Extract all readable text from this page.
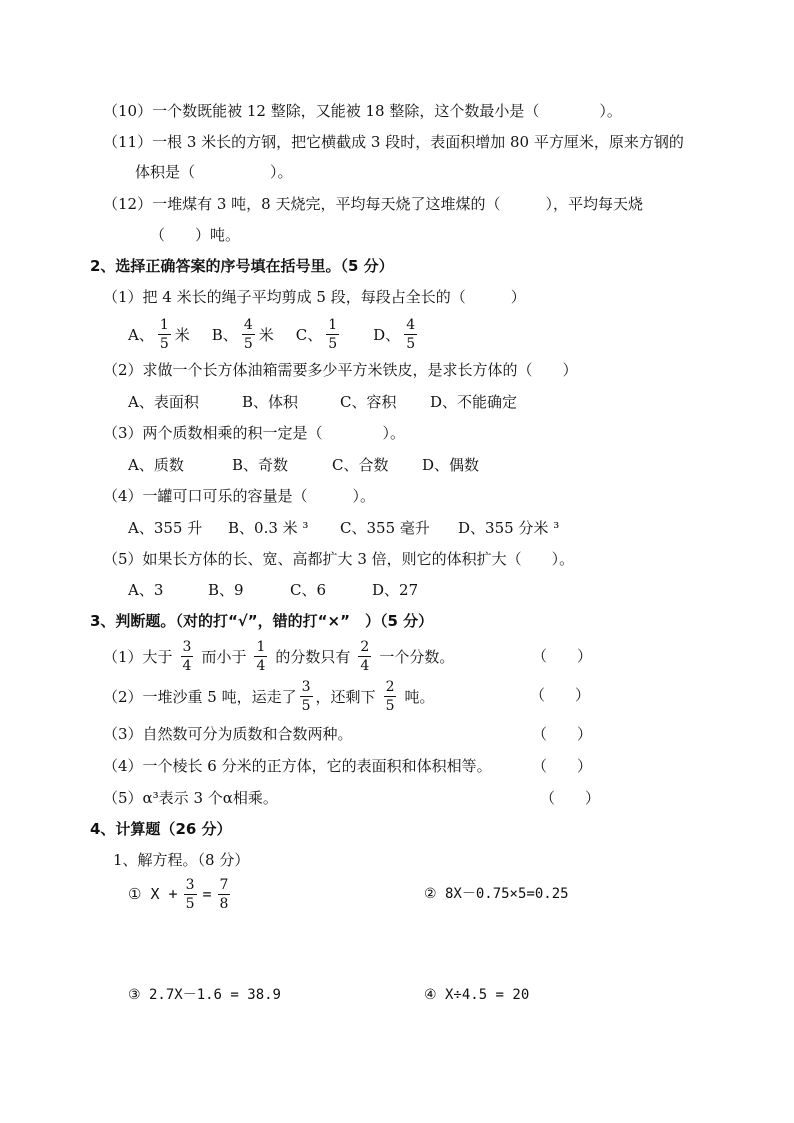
（10）一个数既能被 12 整除，又能被 18 整除，这个数最小是（　　　　）。
（11）一根 3 米长的方钢，把它横截成 3 段时，表面积增加 80 平方厘米，原来方钢的
体积是（　　　　　）。
（12）一堆煤有 3 吨，8 天烧完，平均每天烧了这堆煤的（　　　），平均每天烧
（　　）吨。
2、选择正确答案的序号填在括号里。（5 分）
（1）把 4 米长的绳子平均剪成 5 段，每段占全长的（　　　）
A、 $\frac{1}{5}$ 米 B、 $\frac{4}{5}$ 米 C、 $\frac{1}{5}$ D、 $\frac{4}{5}$
（2）求做一个长方体油箱需要多少平方米铁皮，是求长方体的（　　）
A、表面积	B、体积	C、容积 D、不能确定
（3）两个质数相乘的积一定是（　　　　）。
A、质数	B、奇数	C、合数 D、偶数
（4）一罐可口可乐的容量是（　　　）。
A、355 升 B、0.3 米 ³ C、355 毫升 D、355 分米 ³
（5）如果长方体的长、宽、高都扩大 3 倍，则它的体积扩大（　　）。
A、3	B、9	C、6	D、27
3、判断题。（对的打“√”，错的打“×”　）（5 分）
（1）大于 $\frac{3}{4}$ 而小于 $\frac{1}{4}$ 的分数只有 $\frac{2}{4}$ 一个分数。	（　　）
（2）一堆沙重 5 吨，运走了 $\frac{3}{5}$ ，还剩下 $\frac{2}{5}$ 吨。	（　　）
（3）自然数可分为质数和合数两种。	（　　）
（4）一个棱长 6 分米的正方体，它的表面积和体积相等。	（　　）
（5）α³表示 3 个α相乘。	（　　）
4、计算题（26 分）
1、解方程。（8 分）
① $X + \frac{3}{5} = \frac{7}{8}$	② 8X－0.75×5=0.25
③ 2.7X－1.6 = 38.9	④ X÷4.5 = 20
